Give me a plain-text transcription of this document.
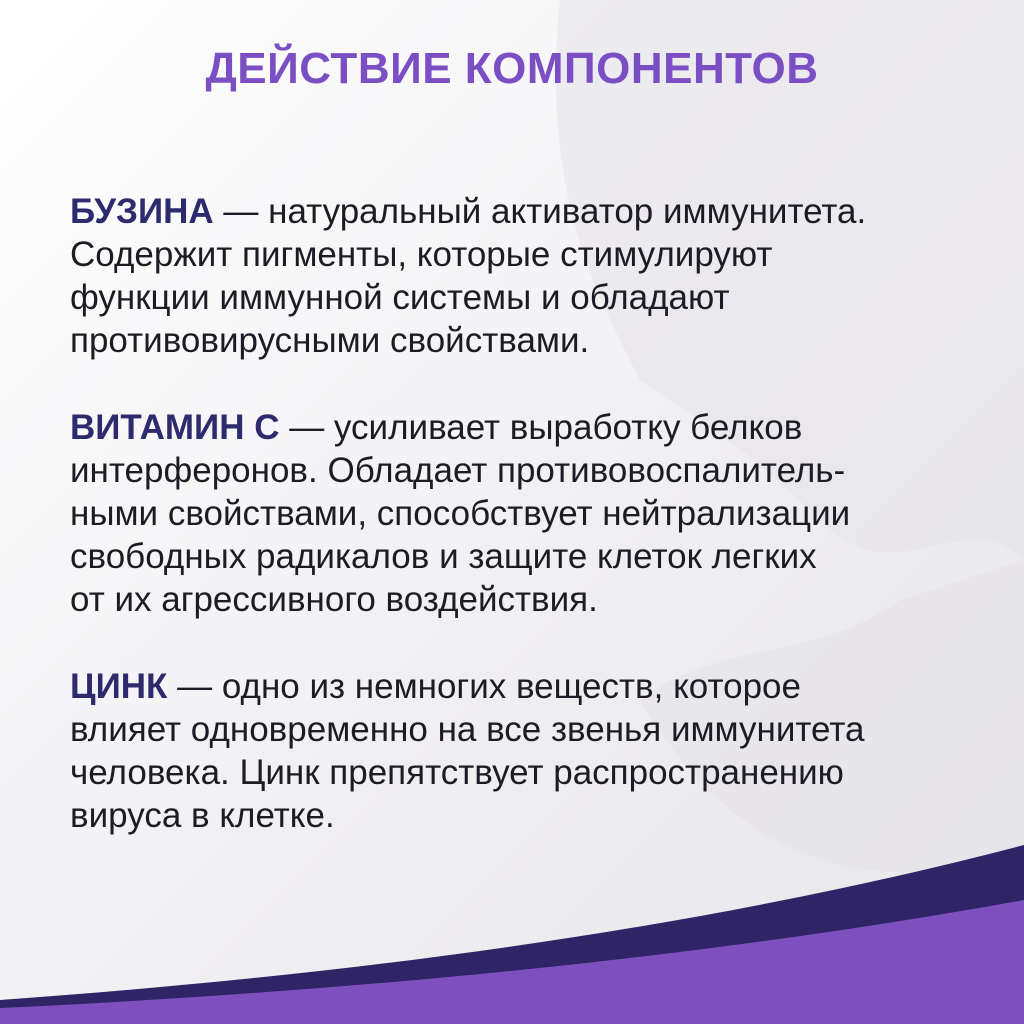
ДЕЙСТВИЕ КОМПОНЕНТОВ

БУЗИНА — натуральный активатор иммунитета.
Содержит пигменты, которые стимулируют
функции иммунной системы и обладают
противовирусными свойствами.

ВИТАМИН С — усиливает выработку белков
интерферонов. Обладает противовоспалитель-
ными свойствами, способствует нейтрализации
свободных радикалов и защите клеток легких
от их агрессивного воздействия.

ЦИНК — одно из немногих веществ, которое
влияет одновременно на все звенья иммунитета
человека. Цинк препятствует распространению
вируса в клетке.
